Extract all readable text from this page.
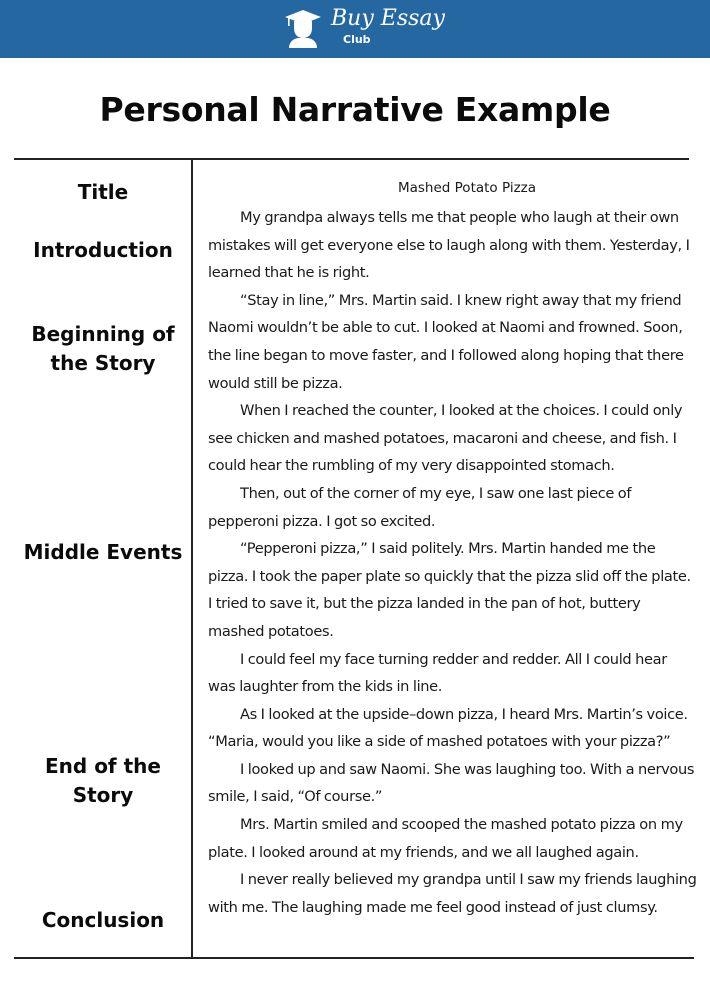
Buy Essay
Club
Personal Narrative Example
Title
Introduction
Beginning of
the Story
Middle Events
End of the
Story
Conclusion
Mashed Potato Pizza

My grandpa always tells me that people who laugh at their own mistakes will get everyone else to laugh along with them. Yesterday, I learned that he is right.

“Stay in line,” Mrs. Martin said. I knew right away that my friend Naomi wouldn’t be able to cut. I looked at Naomi and frowned. Soon, the line began to move faster, and I followed along hoping that there would still be pizza.

When I reached the counter, I looked at the choices. I could only see chicken and mashed potatoes, macaroni and cheese, and fish. I could hear the rumbling of my very disappointed stomach.

Then, out of the corner of my eye, I saw one last piece of pepperoni pizza. I got so excited.

“Pepperoni pizza,” I said politely. Mrs. Martin handed me the pizza. I took the paper plate so quickly that the pizza slid off the plate. I tried to save it, but the pizza landed in the pan of hot, buttery mashed potatoes.

I could feel my face turning redder and redder. All I could hear was laughter from the kids in line.

As I looked at the upside–down pizza, I heard Mrs. Martin’s voice. “Maria, would you like a side of mashed potatoes with your pizza?”

I looked up and saw Naomi. She was laughing too. With a nervous smile, I said, “Of course.”

Mrs. Martin smiled and scooped the mashed potato pizza on my plate. I looked around at my friends, and we all laughed again.

I never really believed my grandpa until I saw my friends laughing with me. The laughing made me feel good instead of just clumsy.
